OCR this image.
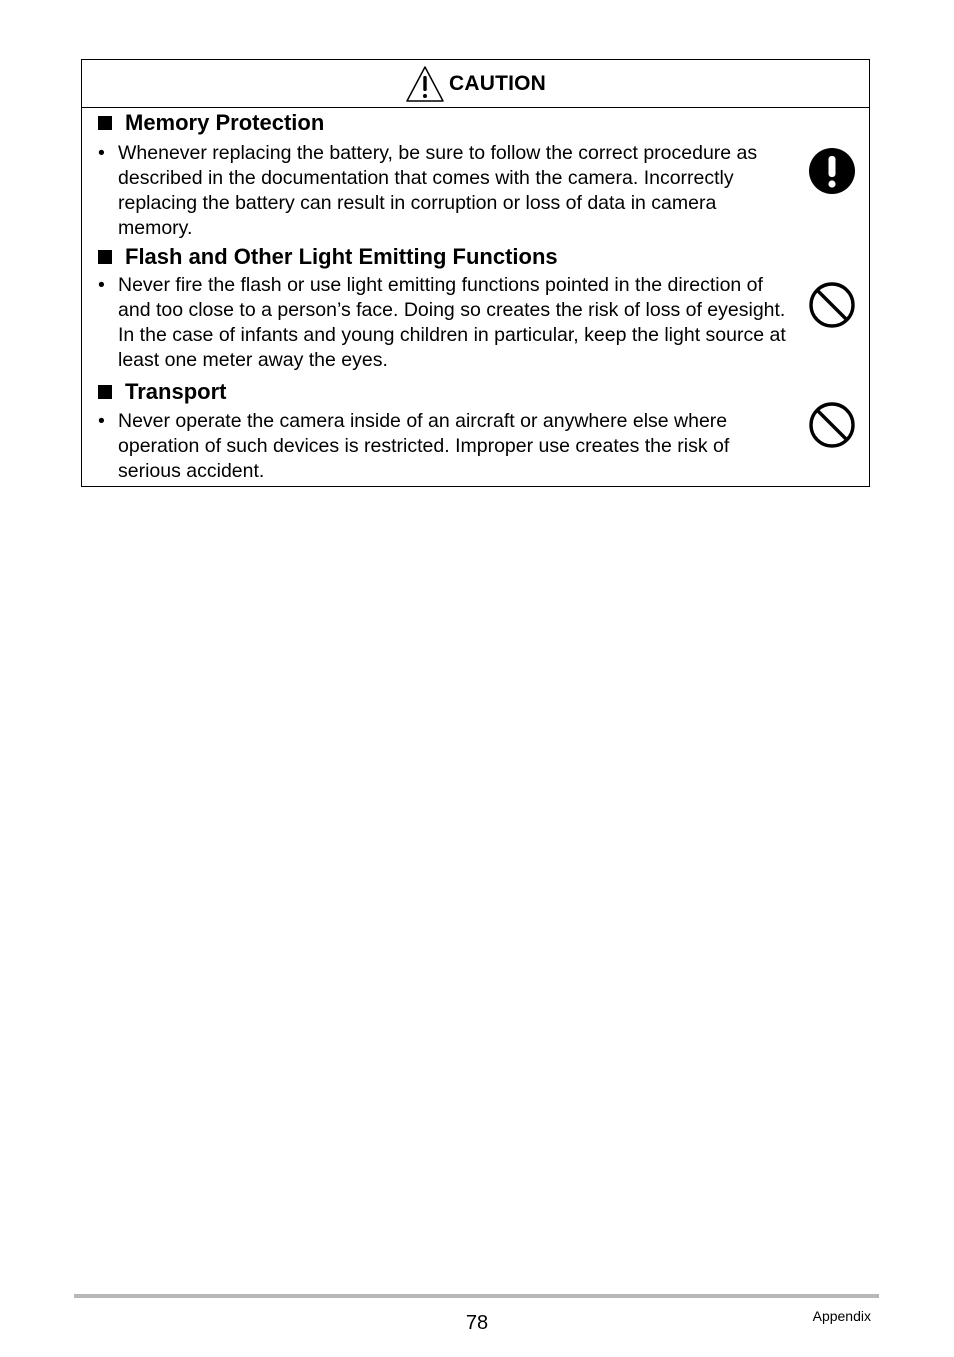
CAUTION
Memory Protection
• Whenever replacing the battery, be sure to follow the correct procedure as described in the documentation that comes with the camera. Incorrectly replacing the battery can result in corruption or loss of data in camera memory.
Flash and Other Light Emitting Functions
• Never fire the flash or use light emitting functions pointed in the direction of and too close to a person’s face. Doing so creates the risk of loss of eyesight. In the case of infants and young children in particular, keep the light source at least one meter away the eyes.
Transport
• Never operate the camera inside of an aircraft or anywhere else where operation of such devices is restricted. Improper use creates the risk of serious accident.
78	Appendix
